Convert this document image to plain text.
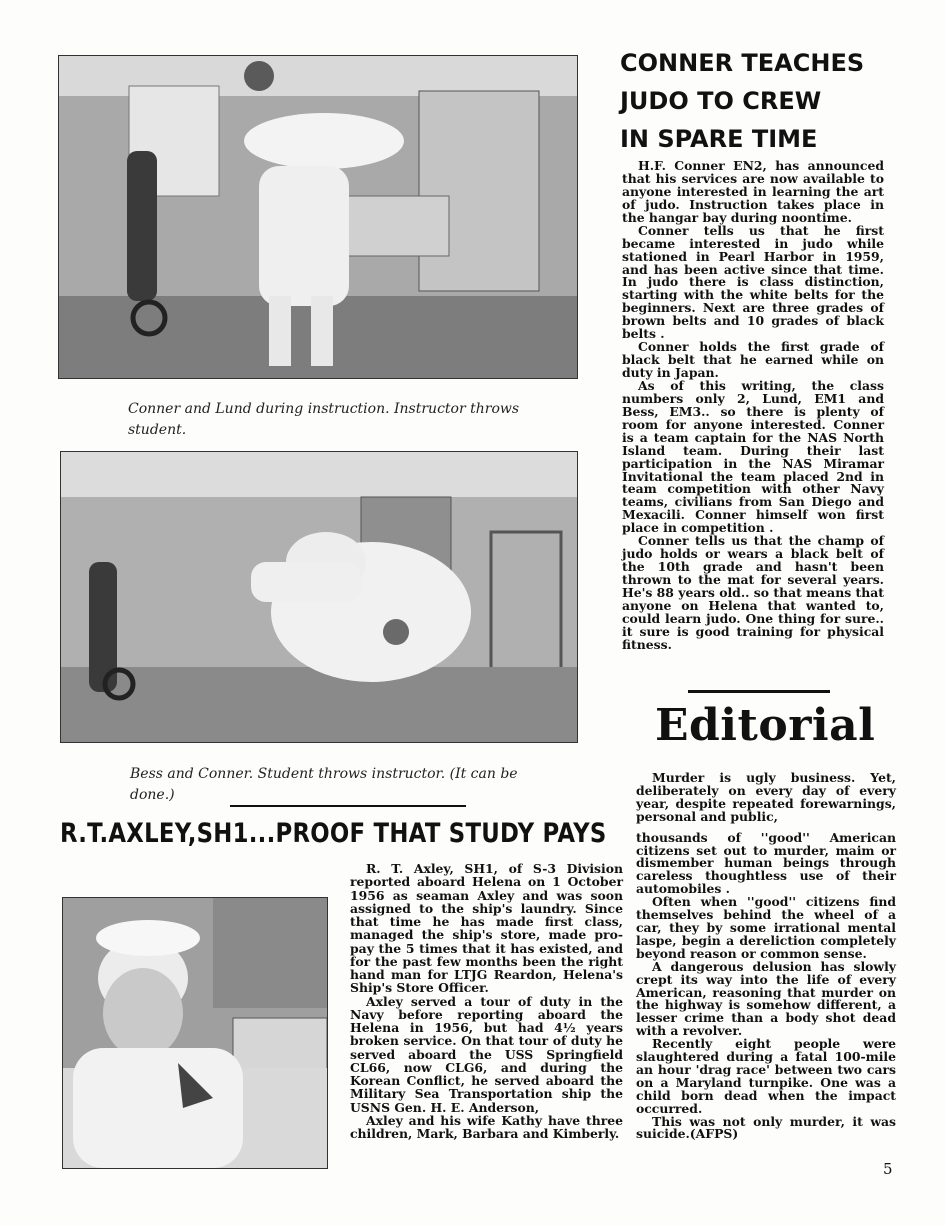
Conner and Lund during instruction. Instructor throws student.
Bess and Conner. Student throws instructor. (It can be done.)
R.T.AXLEY,SH1...PROOF THAT STUDY PAYS

R. T. Axley, SH1, of S-3 Division reported aboard Helena on 1 October 1956 as seaman Axley and was soon assigned to the ship's laundry. Since that time he has made first class, managed the ship's store, made pro-pay the 5 times that it has existed, and for the past few months been the right hand man for LTJG Reardon, Helena's Ship's Store Officer.

Axley served a tour of duty in the Navy before reporting aboard the Helena in 1956, but had 4½ years broken service. On that tour of duty he served aboard the USS Springfield CL66, now CLG6, and during the Korean Conflict, he served aboard the Military Sea Transportation ship the USNS Gen. H. E. Anderson,

Axley and his wife Kathy have three children, Mark, Barbara and Kimberly.

CONNER TEACHES
JUDO TO CREW
IN SPARE TIME

H.F. Conner EN2, has announced that his services are now available to anyone interested in learning the art of judo. Instruction takes place in the hangar bay during noontime.

Conner tells us that he first became interested in judo while stationed in Pearl Harbor in 1959, and has been active since that time. In judo there is class distinction, starting with the white belts for the beginners. Next are three grades of brown belts and 10 grades of black belts .

Conner holds the first grade of black belt that he earned while on duty in Japan.

As of this writing, the class numbers only 2, Lund, EM1 and Bess, EM3.. so there is plenty of room for anyone interested. Conner is a team captain for the NAS North Island team. During their last participation in the NAS Miramar Invitational the team placed 2nd in team competition with other Navy teams, civilians from San Diego and Mexacili. Conner himself won first place in competition .

Conner tells us that the champ of judo holds or wears a black belt of the 10th grade and hasn't been thrown to the mat for several years. He's 88 years old.. so that means that anyone on Helena that wanted to, could learn judo. One thing for sure.. it sure is good training for physical fitness.

Editorial

Murder is ugly business. Yet, deliberately on every day of every year, despite repeated forewarnings, personal and public,

thousands of ''good'' American citizens set out to murder, maim or dismember human beings through careless thoughtless use of their automobiles .

Often when ''good'' citizens find themselves behind the wheel of a car, they by some irrational mental laspe, begin a dereliction completely beyond reason or common sense.

A dangerous delusion has slowly crept its way into the life of every American, reasoning that murder on the highway is somehow different, a lesser crime than a body shot dead with a revolver.

Recently eight people were slaughtered during a fatal 100-mile an hour 'drag race' between two cars on a Maryland turnpike. One was a child born dead when the impact occurred.

This was not only murder, it was suicide.(AFPS)

5
